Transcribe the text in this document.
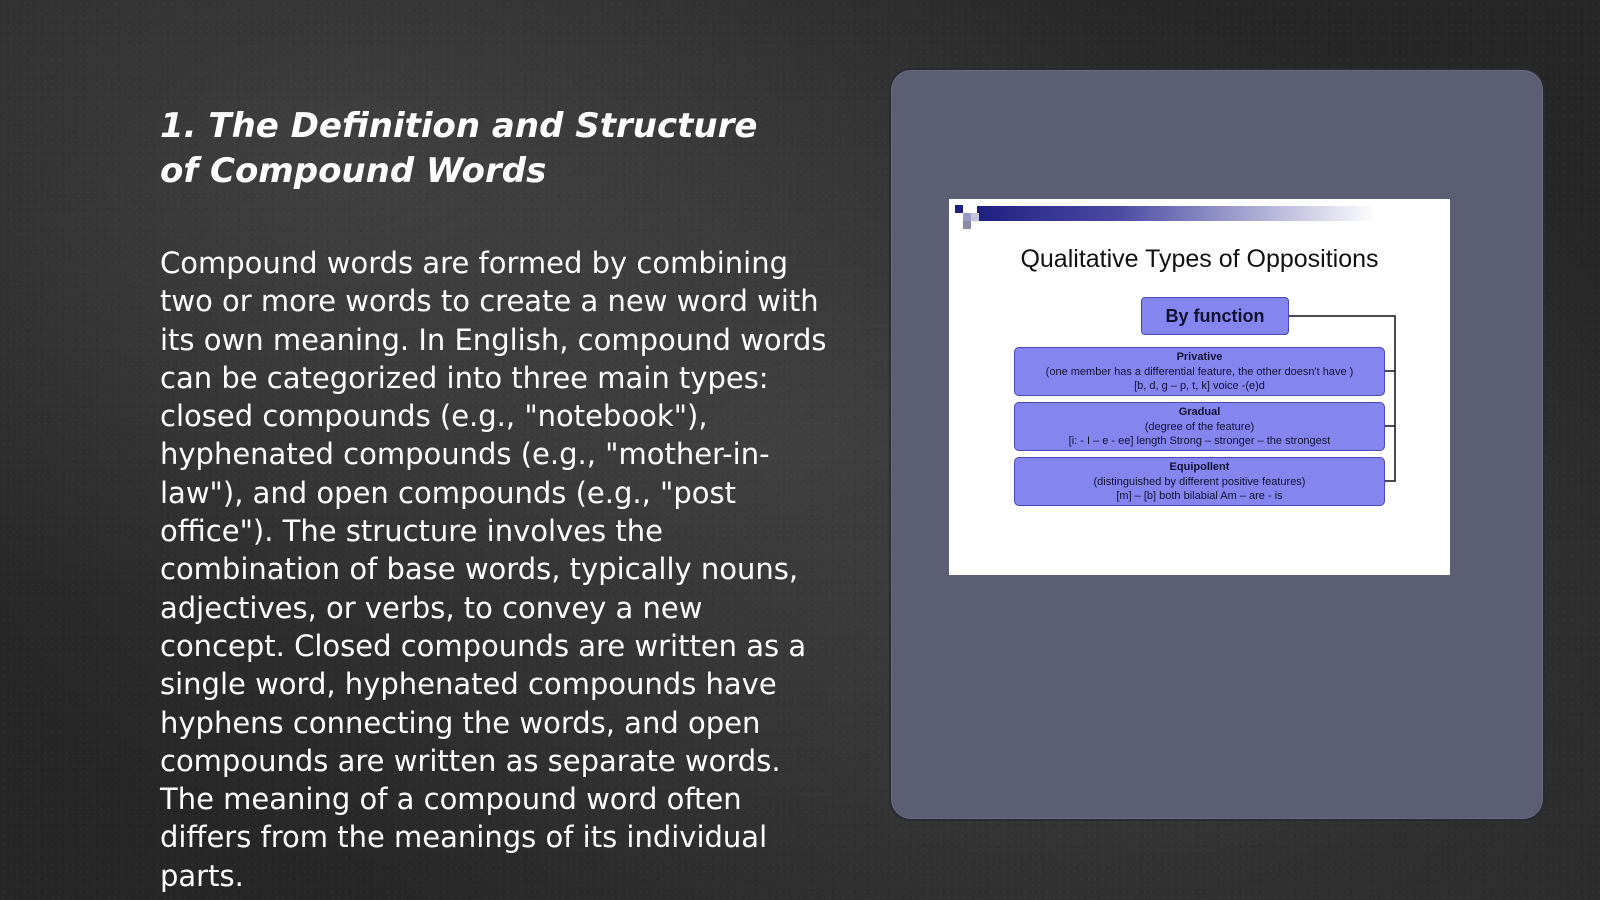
1. The Definition and Structure of Compound Words

Compound words are formed by combining two or more words to create a new word with its own meaning. In English, compound words can be categorized into three main types: closed compounds (e.g., "notebook"), hyphenated compounds (e.g., "mother-in-law"), and open compounds (e.g., "post office"). The structure involves the combination of base words, typically nouns, adjectives, or verbs, to convey a new concept. Closed compounds are written as a single word, hyphenated compounds have hyphens connecting the words, and open compounds are written as separate words. The meaning of a compound word often differs from the meanings of its individual parts.

Qualitative Types of Oppositions
By function
Privative
(one member has a differential feature, the other doesn't have )
[b, d, g – p, t, k] voice -(e)d
Gradual
(degree of the feature)
[i: - I – e - ee] length Strong – stronger – the strongest
Equipollent
(distinguished by different positive features)
[m] – [b] both bilabial Am – are - is
